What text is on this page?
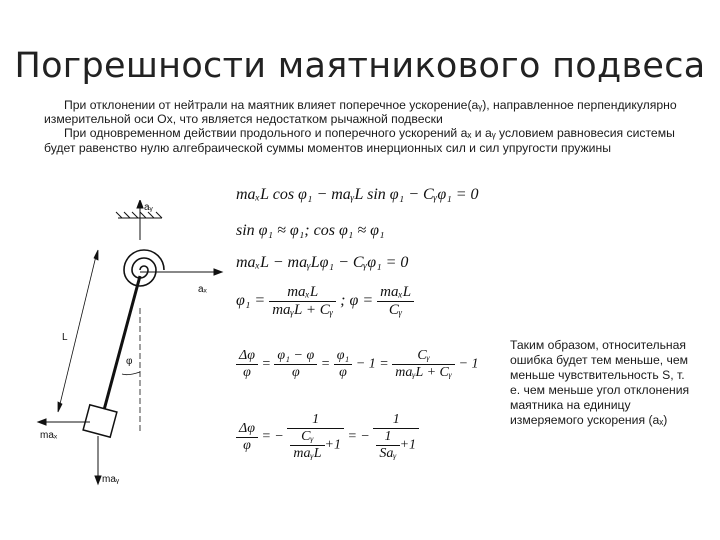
Погрешности маятникового подвеса
При отклонении от нейтрали на маятник влияет поперечное ускорение(aᵧ), направленное перпендикулярно измерительной оси Ox, что является недостатком рычажной подвески
При одновременном действии продольного и поперечного ускорений aₓ и aᵧ условием равновесия системы будет равенство нулю алгебраической суммы моментов инерционных сил и сил упругости пружины
aᵧ
aₓ
L
φ
maₓ
maᵧ
maₓL cos φ₁ − maᵧL sin φ₁ − Cᵧφ₁ = 0
sin φ₁ ≈ φ₁; cos φ₁ ≈ φ₁
maₓL − maᵧLφ₁ − Cᵧφ₁ = 0
$\varphi_1 = \frac{\text{maₓL}}{\text{maᵧL + Cᵧ}}$ ; $\varphi = \frac{\text{maₓL}}{\text{Cᵧ}}$
$\frac{\Delta\varphi}{\varphi} = \frac{\text{φ₁ − φ}}{\varphi} = \frac{\text{φ₁}}{\varphi} - 1 = \frac{\text{Cᵧ}}{\text{maᵧL + Cᵧ}} - 1$
$\frac{\Delta\varphi}{\varphi}$ = − $\frac{1}{\frac{\text{Cᵧ}}{\text{maᵧL}} +1}$ = − $\frac{1}{\frac{1}{\text{Saᵧ}} +1}$
Таким образом, относительная ошибка будет тем меньше, чем меньше чувствительность S, т. е. чем меньше угол отклонения маятника на единицу измеряемого ускорения (aₓ)
